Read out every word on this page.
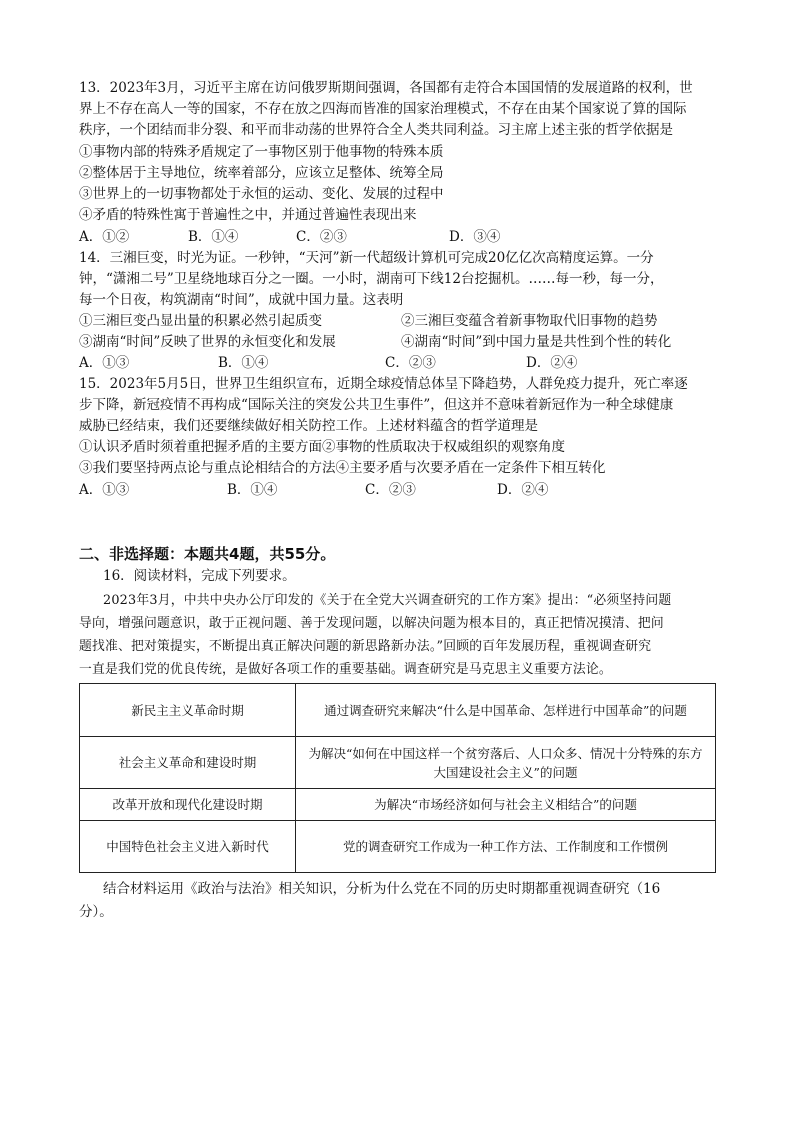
13．2023年3月，习近平主席在访问俄罗斯期间强调，各国都有走符合本国国情的发展道路的权利，世
界上不存在高人一等的国家，不存在放之四海而皆准的国家治理模式，不存在由某个国家说了算的国际
秩序，一个团结而非分裂、和平而非动荡的世界符合全人类共同利益。习主席上述主张的哲学依据是
①事物内部的特殊矛盾规定了一事物区别于他事物的特殊本质
②整体居于主导地位，统率着部分，应该立足整体、统筹全局
③世界上的一切事物都处于永恒的运动、变化、发展的过程中
④矛盾的特殊性寓于普遍性之中，并通过普遍性表现出来
A．①②	B．①④	C．②③	D．③④
14．三湘巨变，时光为证。一秒钟，“天河”新一代超级计算机可完成20亿亿次高精度运算。一分
钟，“潇湘二号”卫星绕地球百分之一圈。一小时，湖南可下线12台挖掘机。……每一秒，每一分，
每一个日夜，构筑湖南“时间”，成就中国力量。这表明
①三湘巨变凸显出量的积累必然引起质变	②三湘巨变蕴含着新事物取代旧事物的趋势
③湖南“时间”反映了世界的永恒变化和发展	④湖南“时间”到中国力量是共性到个性的转化
A．①③	B．①④	C．②③	D．②④
15．2023年5月5日，世界卫生组织宣布，近期全球疫情总体呈下降趋势，人群免疫力提升，死亡率逐
步下降，新冠疫情不再构成“国际关注的突发公共卫生事件”，但这并不意味着新冠作为一种全球健康
威胁已经结束，我们还要继续做好相关防控工作。上述材料蕴含的哲学道理是
①认识矛盾时须着重把握矛盾的主要方面②事物的性质取决于权威组织的观察角度
③我们要坚持两点论与重点论相结合的方法④主要矛盾与次要矛盾在一定条件下相互转化
A．①③	B．①④	C．②③	D．②④
二、非选择题：本题共4题，共55分。
16．阅读材料，完成下列要求。
2023年3月，中共中央办公厅印发的《关于在全党大兴调查研究的工作方案》提出：“必须坚持问题
导向，增强问题意识，敢于正视问题、善于发现问题，以解决问题为根本目的，真正把情况摸清、把问
题找准、把对策提实，不断提出真正解决问题的新思路新办法。”回顾的百年发展历程，重视调查研究
一直是我们党的优良传统，是做好各项工作的重要基础。调查研究是马克思主义重要方法论。
新民主主义革命时期	通过调查研究来解决“什么是中国革命、怎样进行中国革命”的问题
社会主义革命和建设时期	为解决“如何在中国这样一个贫穷落后、人口众多、情况十分特殊的东方大国建设社会主义”的问题
改革开放和现代化建设时期	为解决“市场经济如何与社会主义相结合”的问题
中国特色社会主义进入新时代	党的调查研究工作成为一种工作方法、工作制度和工作惯例
结合材料运用《政治与法治》相关知识，分析为什么党在不同的历史时期都重视调查研究（16
分）。
